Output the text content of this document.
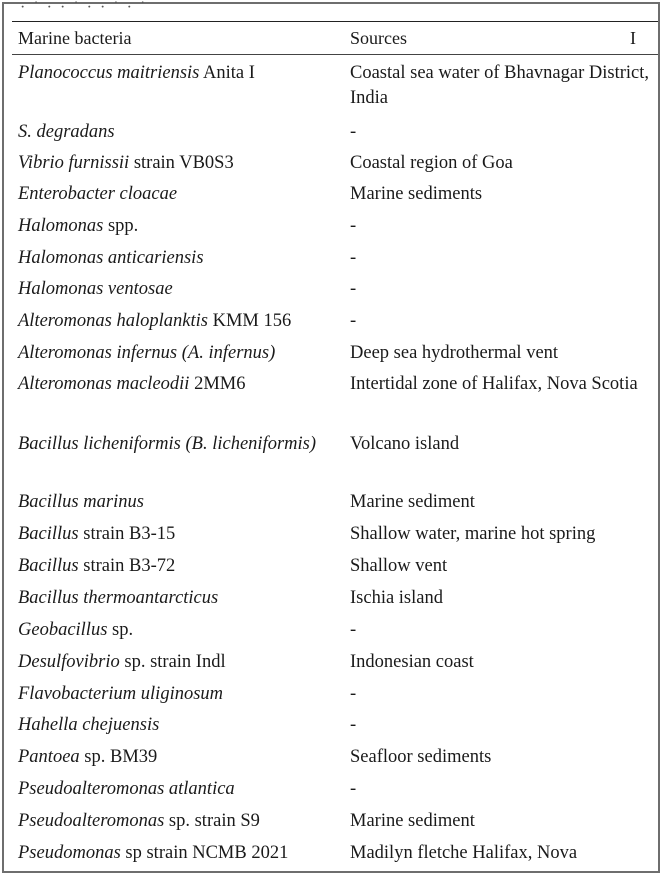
· ˙ · · ˙ · · ˙ · ˙
Marine bacteria	Sources	I
Planococcus maitriensis Anita I	Coastal sea water of Bhavnagar District, India
S. degradans	-
Vibrio furnissii strain VB0S3	Coastal region of Goa
Enterobacter cloacae	Marine sediments
Halomonas spp.	-
Halomonas anticariensis	-
Halomonas ventosae	-
Alteromonas haloplanktis KMM 156	-
Alteromonas infernus (A. infernus)	Deep sea hydrothermal vent
Alteromonas macleodii 2MM6	Intertidal zone of Halifax, Nova Scotia
Bacillus licheniformis (B. licheniformis)	Volcano island
Bacillus marinus	Marine sediment
Bacillus strain B3-15	Shallow water, marine hot spring
Bacillus strain B3-72	Shallow vent
Bacillus thermoantarcticus	Ischia island
Geobacillus sp.	-
Desulfovibrio sp. strain Indl	Indonesian coast
Flavobacterium uliginosum	-
Hahella chejuensis	-
Pantoea sp. BM39	Seafloor sediments
Pseudoalteromonas atlantica	-
Pseudoalteromonas sp. strain S9	Marine sediment
Pseudomonas sp strain NCMB 2021	Madilyn fletche Halifax, Nova
